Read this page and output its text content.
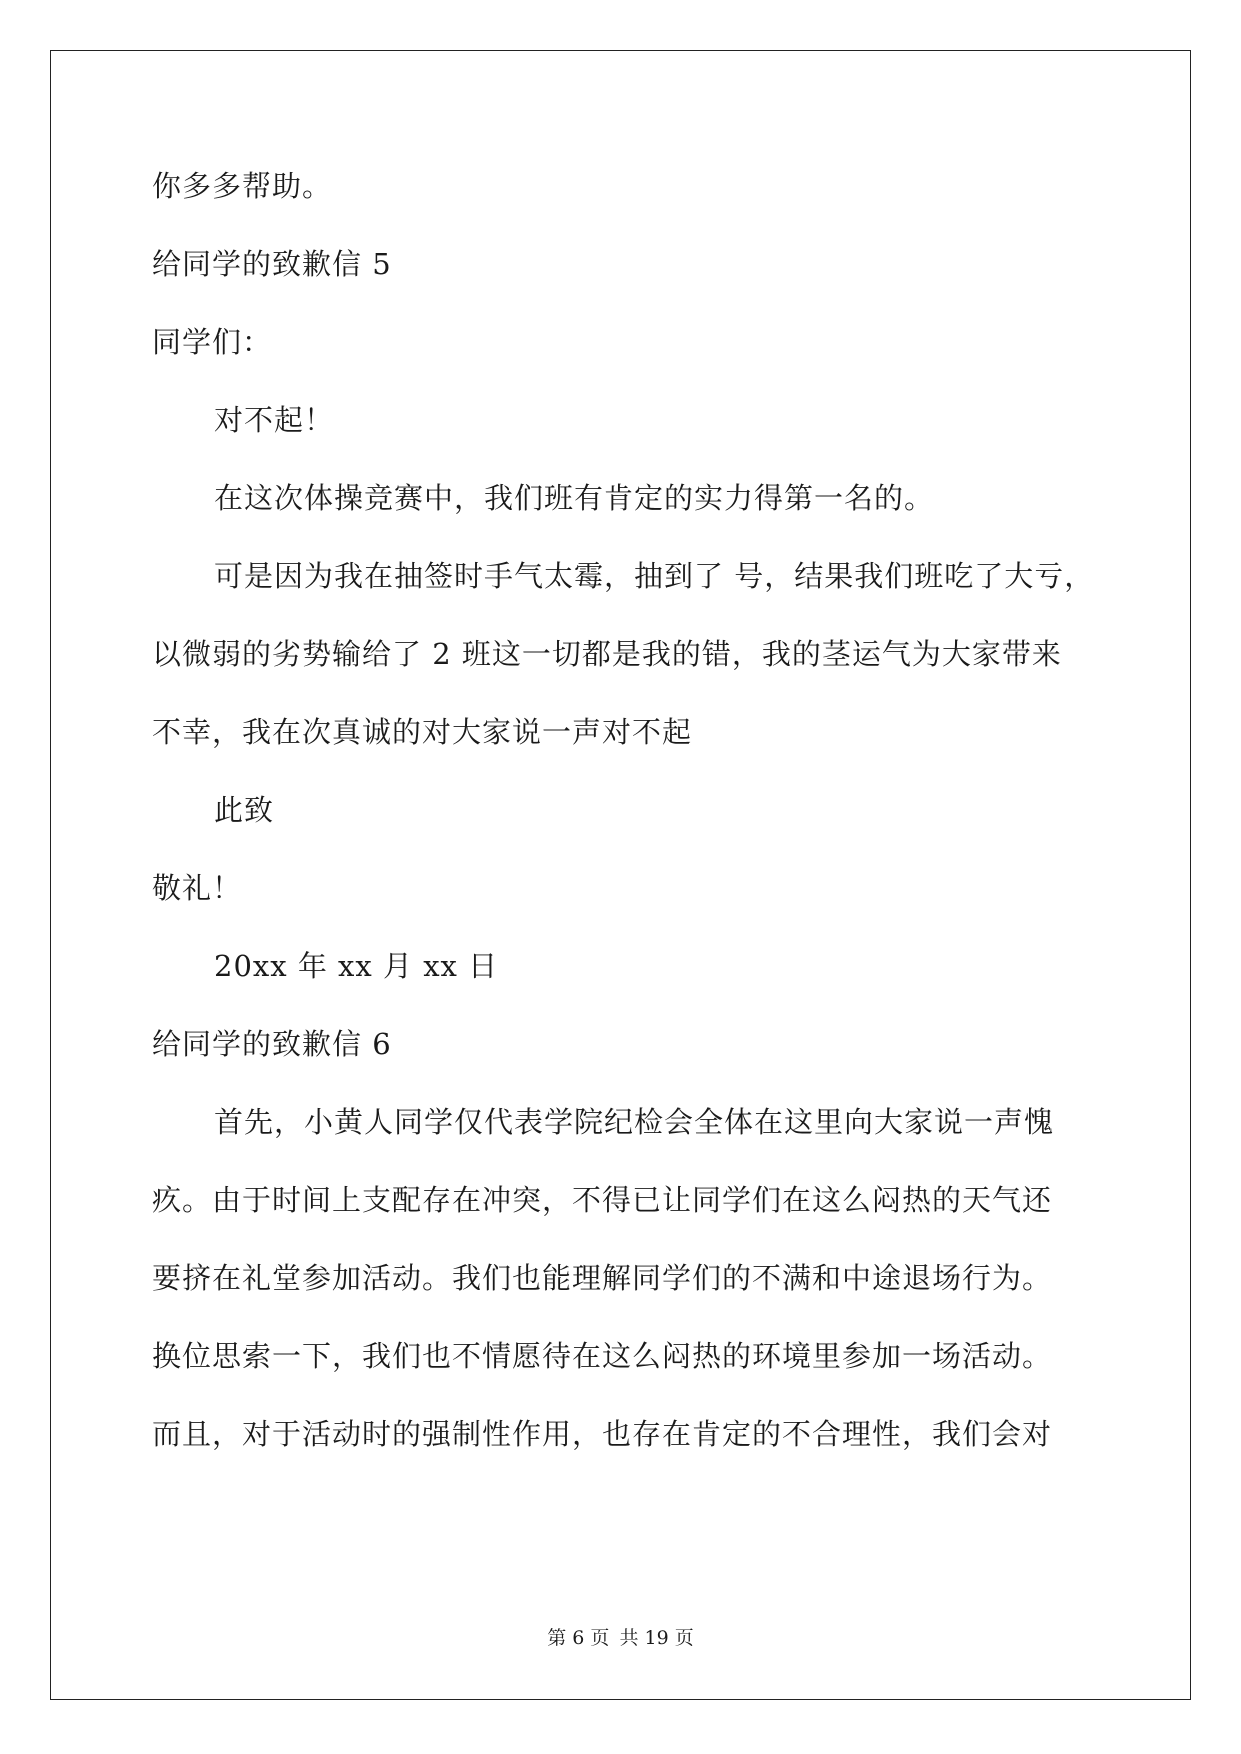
你多多帮助。
给同学的致歉信 5
同学们：
对不起！
在这次体操竞赛中，我们班有肯定的实力得第一名的。
可是因为我在抽签时手气太霉，抽到了 号，结果我们班吃了大亏，
以微弱的劣势输给了 2 班这一切都是我的错，我的茎运气为大家带来
不幸，我在次真诚的对大家说一声对不起
此致
敬礼！
20xx 年 xx 月 xx 日
给同学的致歉信 6
首先，小黄人同学仅代表学院纪检会全体在这里向大家说一声愧
疚。由于时间上支配存在冲突，不得已让同学们在这么闷热的天气还
要挤在礼堂参加活动。我们也能理解同学们的不满和中途退场行为。
换位思索一下，我们也不情愿待在这么闷热的环境里参加一场活动。
而且，对于活动时的强制性作用，也存在肯定的不合理性，我们会对
第 6 页 共 19 页
